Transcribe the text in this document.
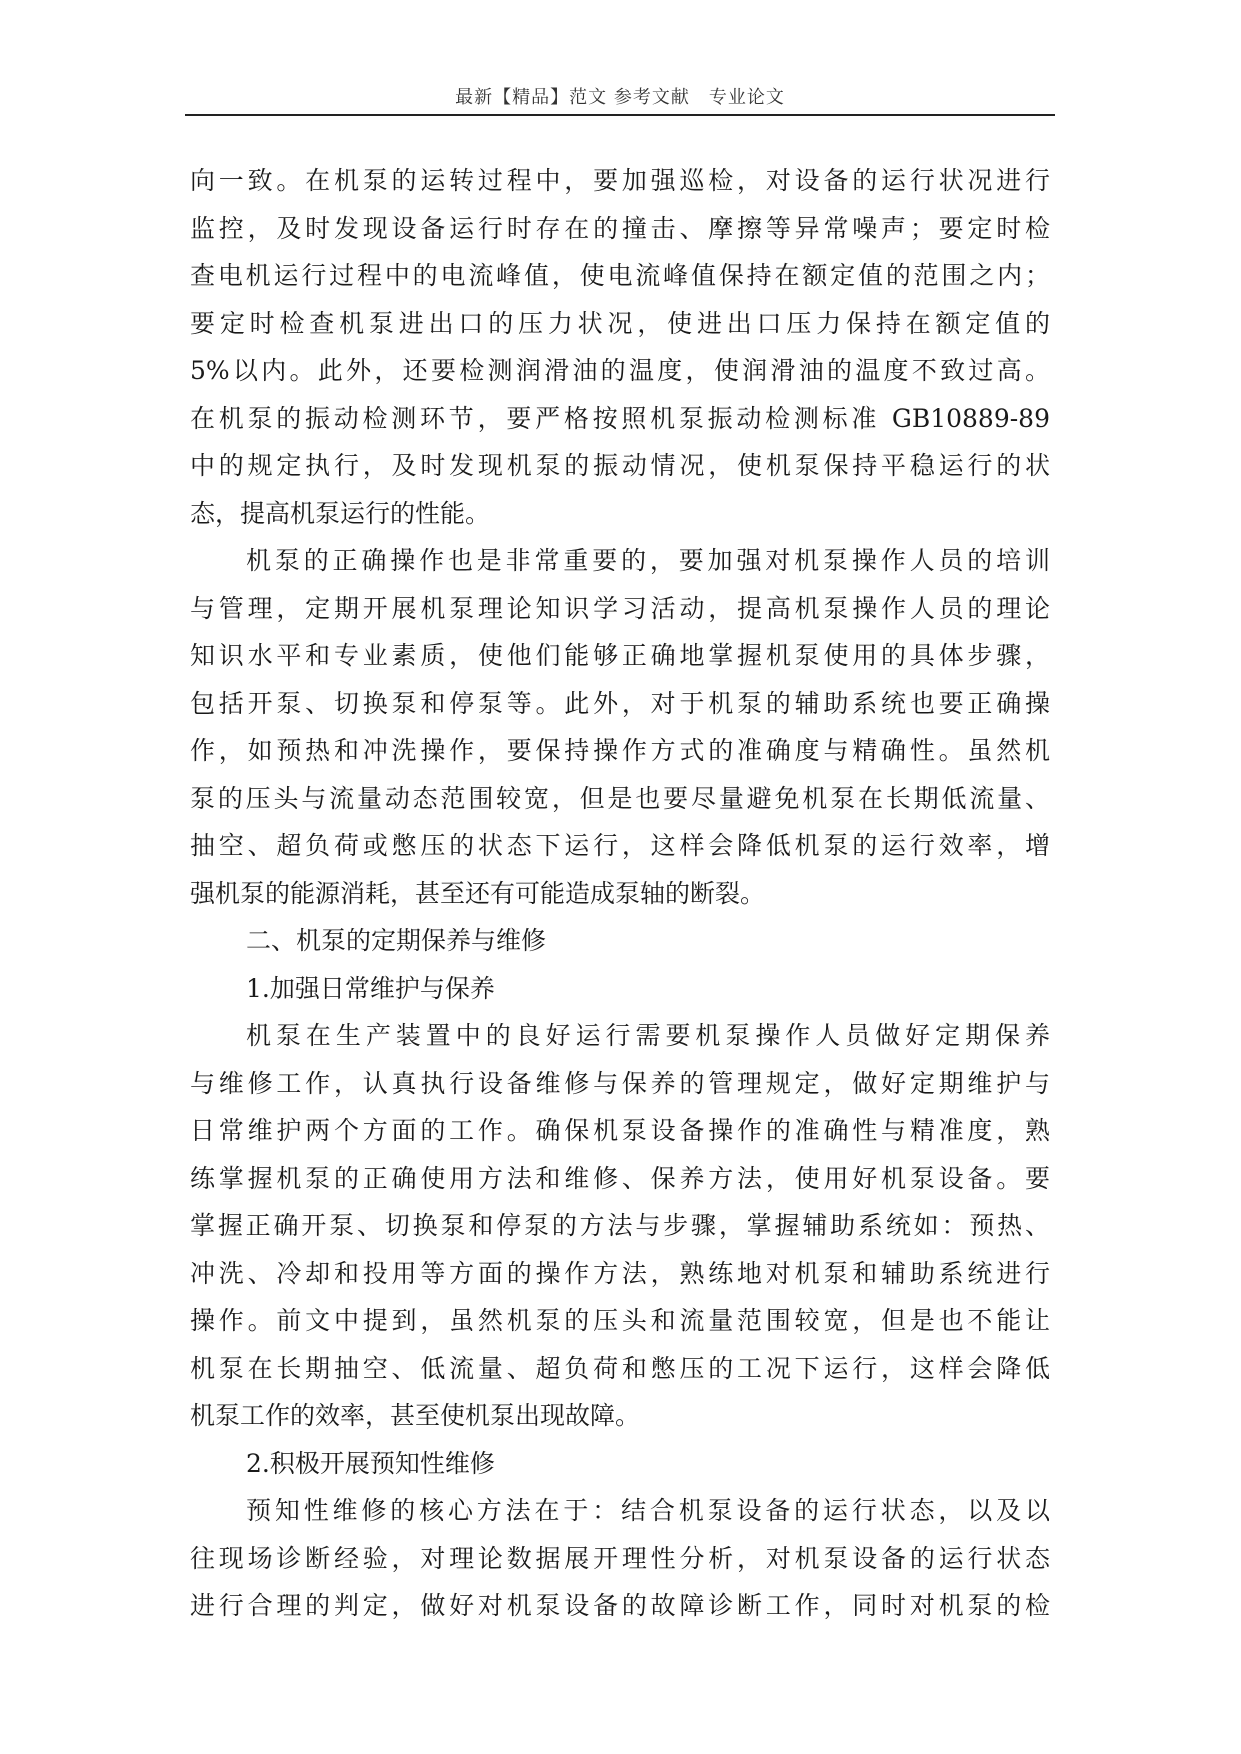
最新【精品】范文 参考文献　专业论文
向一致。在机泵的运转过程中，要加强巡检，对设备的运行状况进行
监控，及时发现设备运行时存在的撞击、摩擦等异常噪声；要定时检
查电机运行过程中的电流峰值，使电流峰值保持在额定值的范围之内；
要定时检查机泵进出口的压力状况，使进出口压力保持在额定值的
5%以内。此外，还要检测润滑油的温度，使润滑油的温度不致过高。
在机泵的振动检测环节，要严格按照机泵振动检测标准 GB10889-89
中的规定执行，及时发现机泵的振动情况，使机泵保持平稳运行的状
态，提高机泵运行的性能。
机泵的正确操作也是非常重要的，要加强对机泵操作人员的培训
与管理，定期开展机泵理论知识学习活动，提高机泵操作人员的理论
知识水平和专业素质，使他们能够正确地掌握机泵使用的具体步骤，
包括开泵、切换泵和停泵等。此外，对于机泵的辅助系统也要正确操
作，如预热和冲洗操作，要保持操作方式的准确度与精确性。虽然机
泵的压头与流量动态范围较宽，但是也要尽量避免机泵在长期低流量、
抽空、超负荷或憋压的状态下运行，这样会降低机泵的运行效率，增
强机泵的能源消耗，甚至还有可能造成泵轴的断裂。
二、机泵的定期保养与维修
1.加强日常维护与保养
机泵在生产装置中的良好运行需要机泵操作人员做好定期保养
与维修工作，认真执行设备维修与保养的管理规定，做好定期维护与
日常维护两个方面的工作。确保机泵设备操作的准确性与精准度，熟
练掌握机泵的正确使用方法和维修、保养方法，使用好机泵设备。要
掌握正确开泵、切换泵和停泵的方法与步骤，掌握辅助系统如：预热、
冲洗、冷却和投用等方面的操作方法，熟练地对机泵和辅助系统进行
操作。前文中提到，虽然机泵的压头和流量范围较宽，但是也不能让
机泵在长期抽空、低流量、超负荷和憋压的工况下运行，这样会降低
机泵工作的效率，甚至使机泵出现故障。
2.积极开展预知性维修
预知性维修的核心方法在于：结合机泵设备的运行状态，以及以
往现场诊断经验，对理论数据展开理性分析，对机泵设备的运行状态
进行合理的判定，做好对机泵设备的故障诊断工作，同时对机泵的检
